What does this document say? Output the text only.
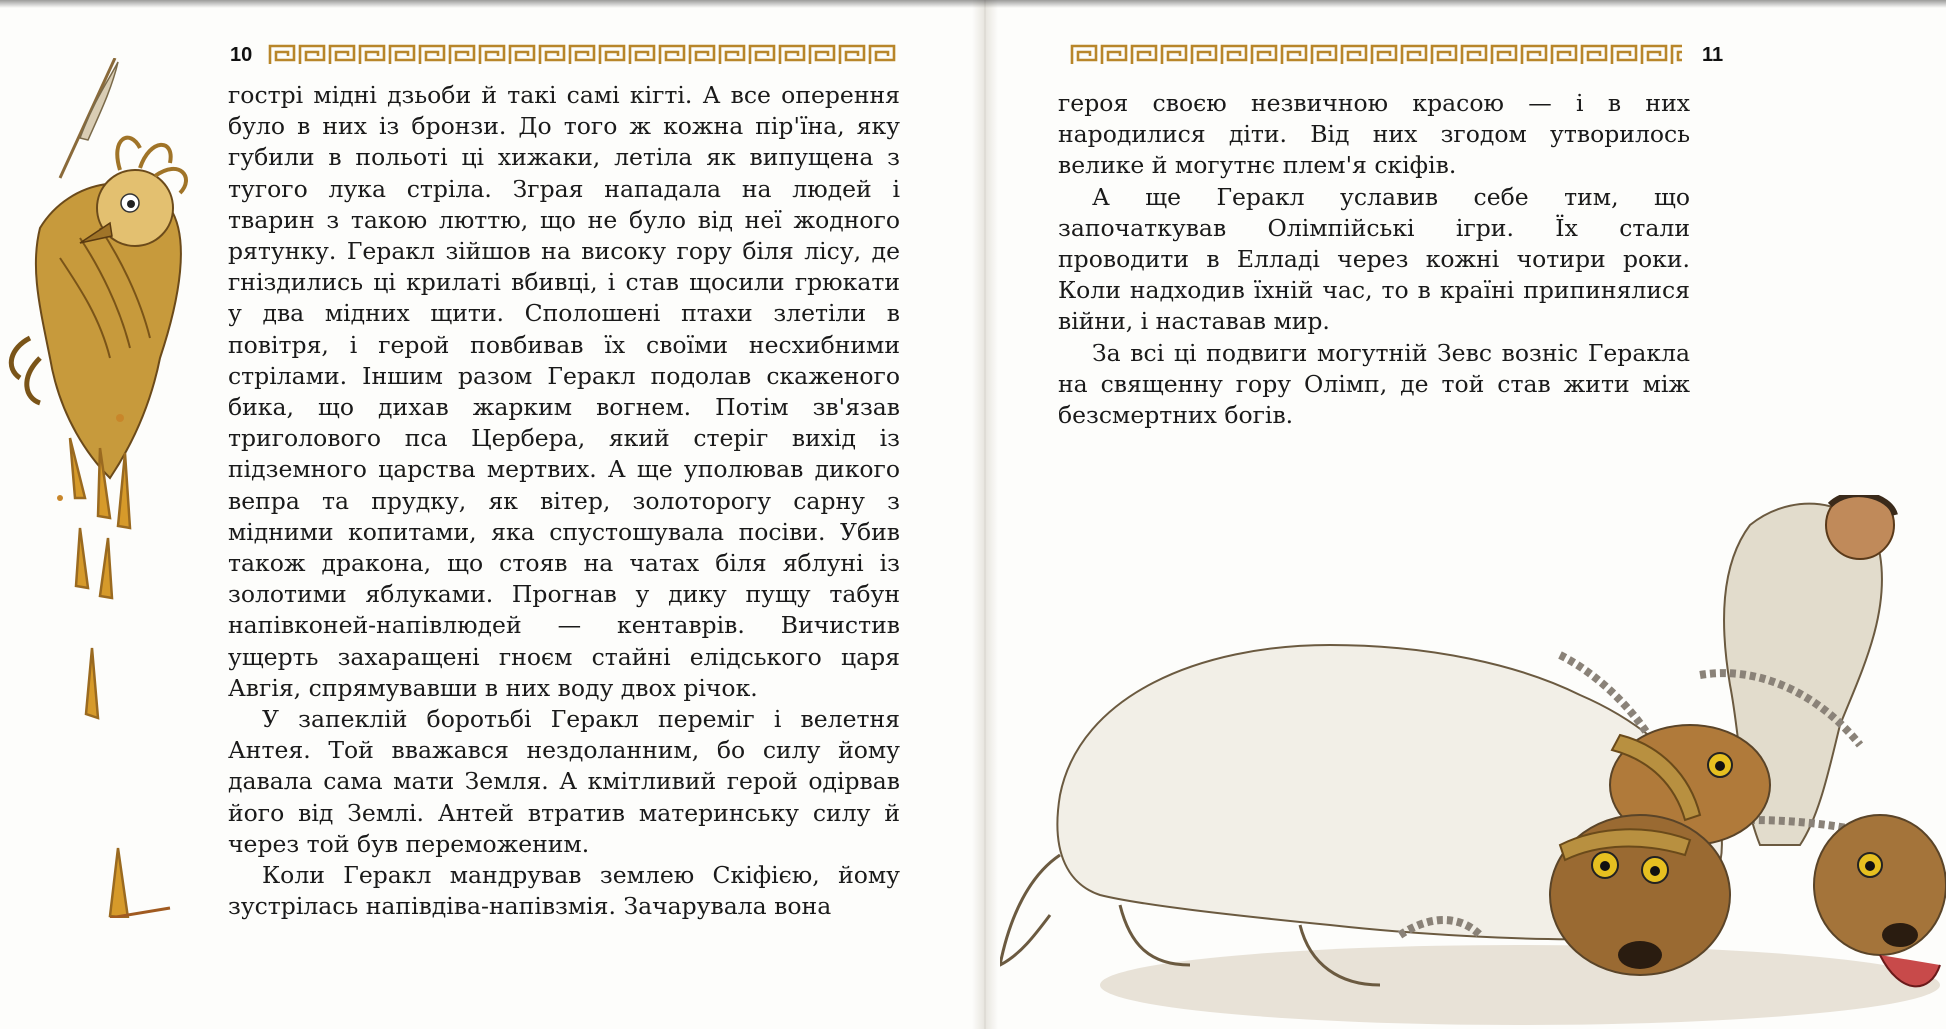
10	11

гострі мідні дзьоби й такі самі кігті. А все оперення було в них із бронзи. До того ж кожна пір'їна, яку губили в польоті ці хижаки, летіла як випущена з тугого лука стріла. Зграя нападала на людей і тварин з такою люттю, що не було від неї жодного рятунку. Геракл зійшов на високу гору біля лісу, де гніздились ці крилаті вбивці, і став щосили грюкати у два мідних щити. Сполошені птахи злетіли в повітря, і герой повбивав їх своїми несхибними стрілами. Іншим разом Геракл подолав скаженого бика, що дихав жарким вогнем. Потім зв'язав триголового пса Цербера, який стеріг вихід із підземного царства мертвих. А ще уполював дикого вепра та прудку, як вітер, золоторогу сарну з мідними копитами, яка спустошувала посіви. Убив також дракона, що стояв на чатах біля яблуні із золотими яблуками. Прогнав у дику пущу табун напівконей-напівлюдей — кентаврів. Вичистив ущерть захаращені гноєм стайні елідського царя Авгія, спрямувавши в них воду двох річок.

У запеклій боротьбі Геракл переміг і велетня Антея. Той вважався нездоланним, бо силу йому давала сама мати Земля. А кмітливий герой одірвав його від Землі. Антей втратив материнську силу й через той був переможеним.

Коли Геракл мандрував землею Скіфією, йому зустрілась напівдіва-напівзмія. Зачарувала вона

героя своєю незвичною красою — і в них народилися діти. Від них згодом утворилось велике й могутнє плем'я скіфів.

А ще Геракл уславив себе тим, що започаткував Олімпійські ігри. Їх стали проводити в Елладі через кожні чотири роки. Коли надходив їхній час, то в країні припинялися війни, і наставав мир.

За всі ці подвиги могутній Зевс возніс Геракла на священну гору Олімп, де той став жити між безсмертних богів.
